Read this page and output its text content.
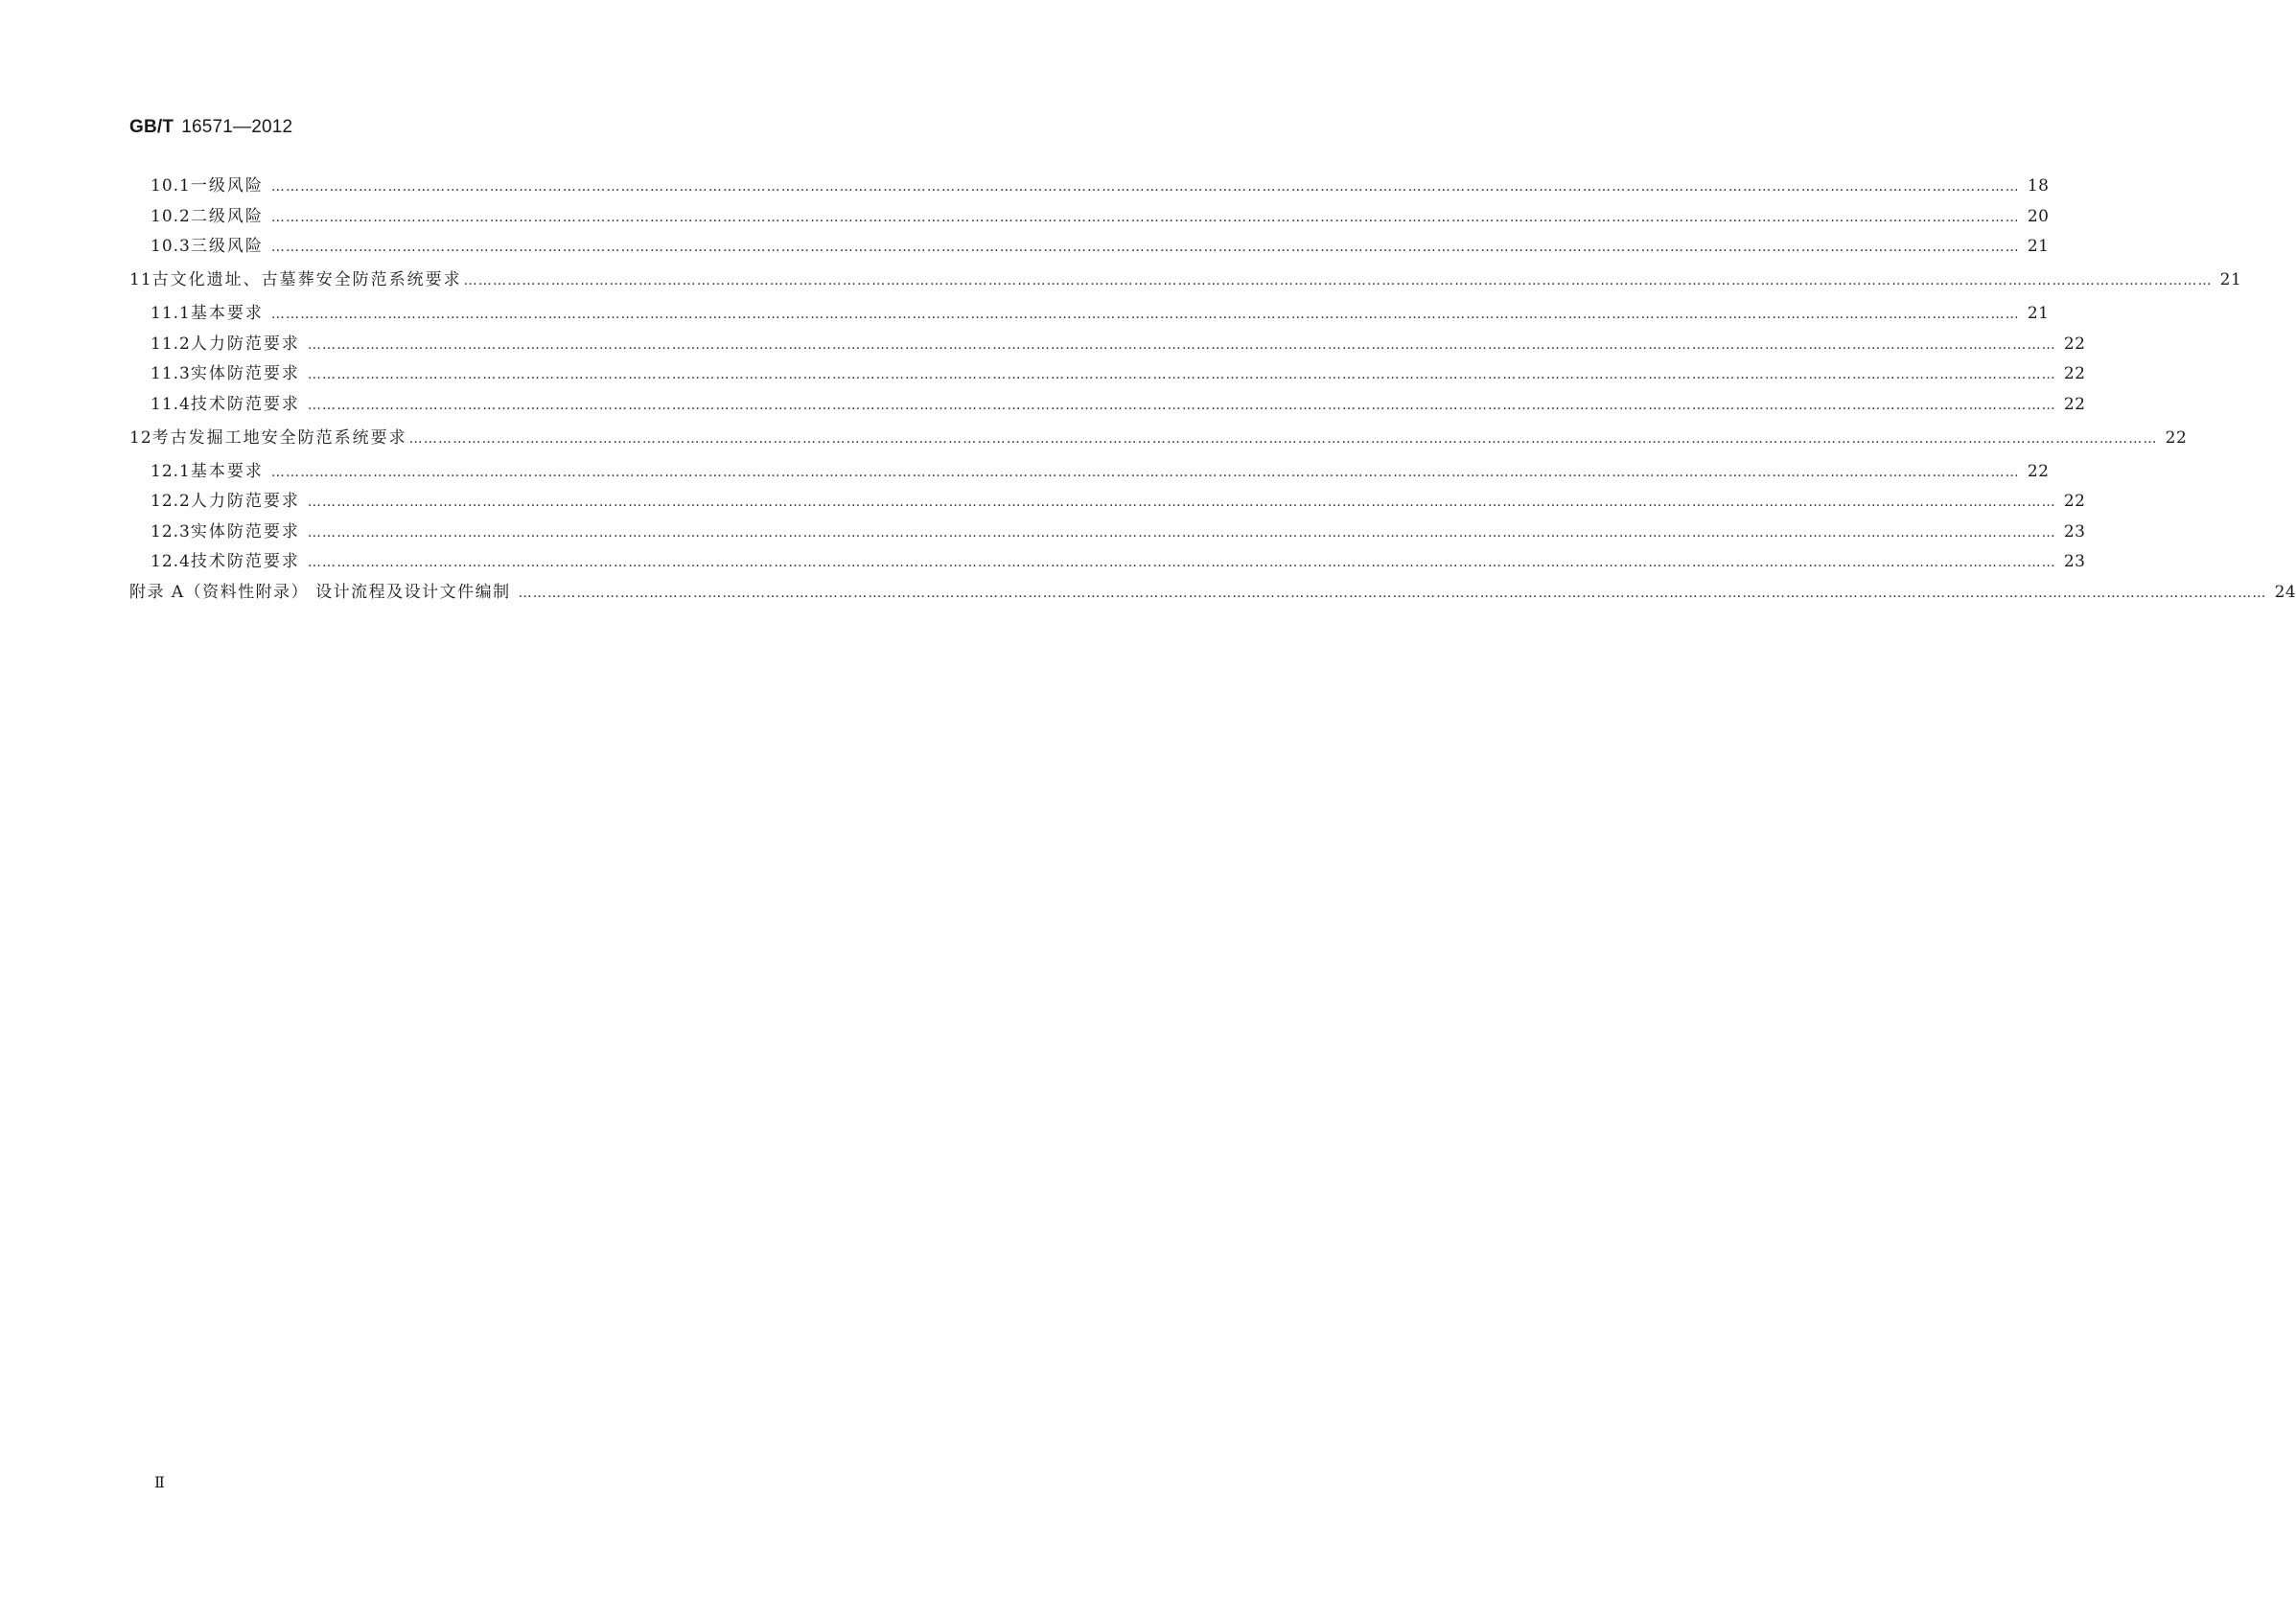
GB/T 16571—2012
10.1 一级风险 ……………………………………………………………………………………………………………………………………………………………………………………………………………………………………………………………………………………………………………………………… 18
10.2 二级风险 ……………………………………………………………………………………………………………………………………………………………………………………………………………………………………………………………………………………………………………………………… 20
10.3 三级风险 ……………………………………………………………………………………………………………………………………………………………………………………………………………………………………………………………………………………………………………………………… 21
11 古文化遗址、古墓葬安全防范系统要求 ……………………………………………………………………………………………………………………………………………………………………………………………………………………………………………………………………………………………………………………………… 21
11.1 基本要求 ……………………………………………………………………………………………………………………………………………………………………………………………………………………………………………………………………………………………………………………………… 21
11.2 人力防范要求 ……………………………………………………………………………………………………………………………………………………………………………………………………………………………………………………………………………………………………………………………… 22
11.3 实体防范要求 ……………………………………………………………………………………………………………………………………………………………………………………………………………………………………………………………………………………………………………………………… 22
11.4 技术防范要求 ……………………………………………………………………………………………………………………………………………………………………………………………………………………………………………………………………………………………………………………………… 22
12 考古发掘工地安全防范系统要求 ……………………………………………………………………………………………………………………………………………………………………………………………………………………………………………………………………………………………………………………………… 22
12.1 基本要求 ……………………………………………………………………………………………………………………………………………………………………………………………………………………………………………………………………………………………………………………………… 22
12.2 人力防范要求 ……………………………………………………………………………………………………………………………………………………………………………………………………………………………………………………………………………………………………………………………… 22
12.3 实体防范要求 ……………………………………………………………………………………………………………………………………………………………………………………………………………………………………………………………………………………………………………………………… 23
12.4 技术防范要求 ……………………………………………………………………………………………………………………………………………………………………………………………………………………………………………………………………………………………………………………………… 23
附录 A（资料性附录） 设计流程及设计文件编制 ……………………………………………………………………………………………………………………………………………………………………………………………………………………………………………………………………………………………………………………………… 24
Ⅱ
